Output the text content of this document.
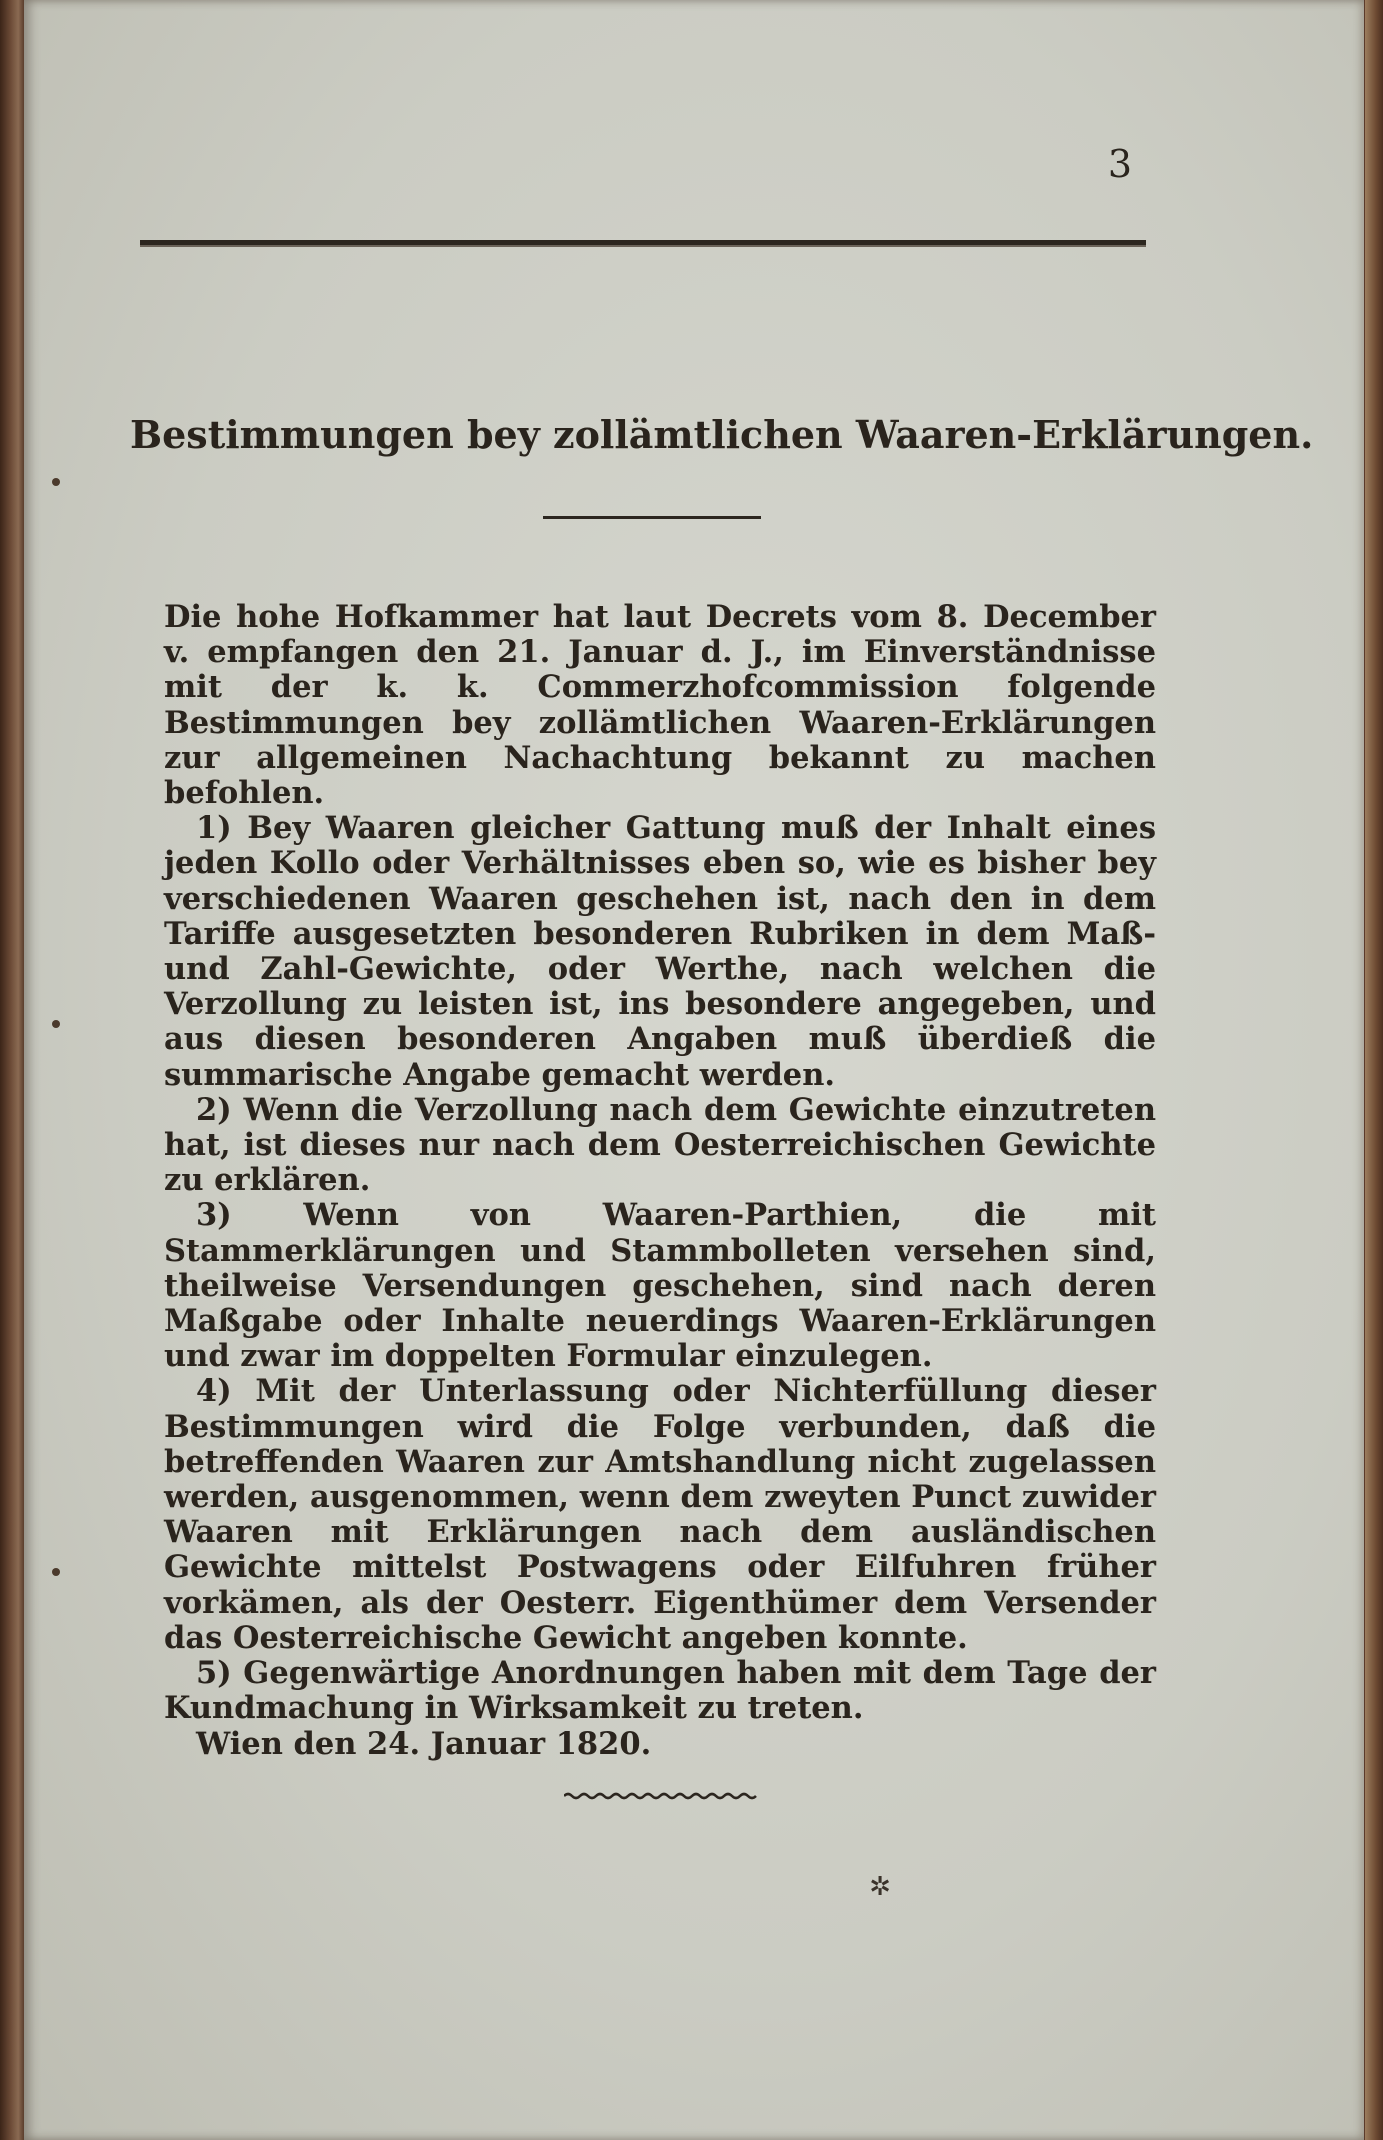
3
Bestimmungen bey zollämtlichen Waaren-Erklärungen.

Die hohe Hofkammer hat laut Decrets vom 8. December v. empfangen den 21. Januar d. J., im Einverständnisse mit der k. k. Commerzhofcommission folgende Bestimmungen bey zollämtlichen Waaren-Erklärungen zur allgemeinen Nachachtung bekannt zu machen befohlen.

1) Bey Waaren gleicher Gattung muß der Inhalt eines jeden Kollo oder Verhältnisses eben so, wie es bisher bey verschiedenen Waaren geschehen ist, nach den in dem Tariffe ausgesetzten besonderen Rubriken in dem Maß- und Zahl-Gewichte, oder Werthe, nach welchen die Verzollung zu leisten ist, ins besondere angegeben, und aus diesen besonderen Angaben muß überdieß die summarische Angabe gemacht werden.

2) Wenn die Verzollung nach dem Gewichte einzutreten hat, ist dieses nur nach dem Oesterreichischen Gewichte zu erklären.

3) Wenn von Waaren-Parthien, die mit Stammerklärungen und Stammbolleten versehen sind, theilweise Versendungen geschehen, sind nach deren Maßgabe oder Inhalte neuerdings Waaren-Erklärungen und zwar im doppelten Formular einzulegen.

4) Mit der Unterlassung oder Nichterfüllung dieser Bestimmungen wird die Folge verbunden, daß die betreffenden Waaren zur Amtshandlung nicht zugelassen werden, ausgenommen, wenn dem zweyten Punct zuwider Waaren mit Erklärungen nach dem ausländischen Gewichte mittelst Postwagens oder Eilfuhren früher vorkämen, als der Oesterr. Eigenthümer dem Versender das Oesterreichische Gewicht angeben konnte.

5) Gegenwärtige Anordnungen haben mit dem Tage der Kundmachung in Wirksamkeit zu treten.

Wien den 24. Januar 1820.

✲
